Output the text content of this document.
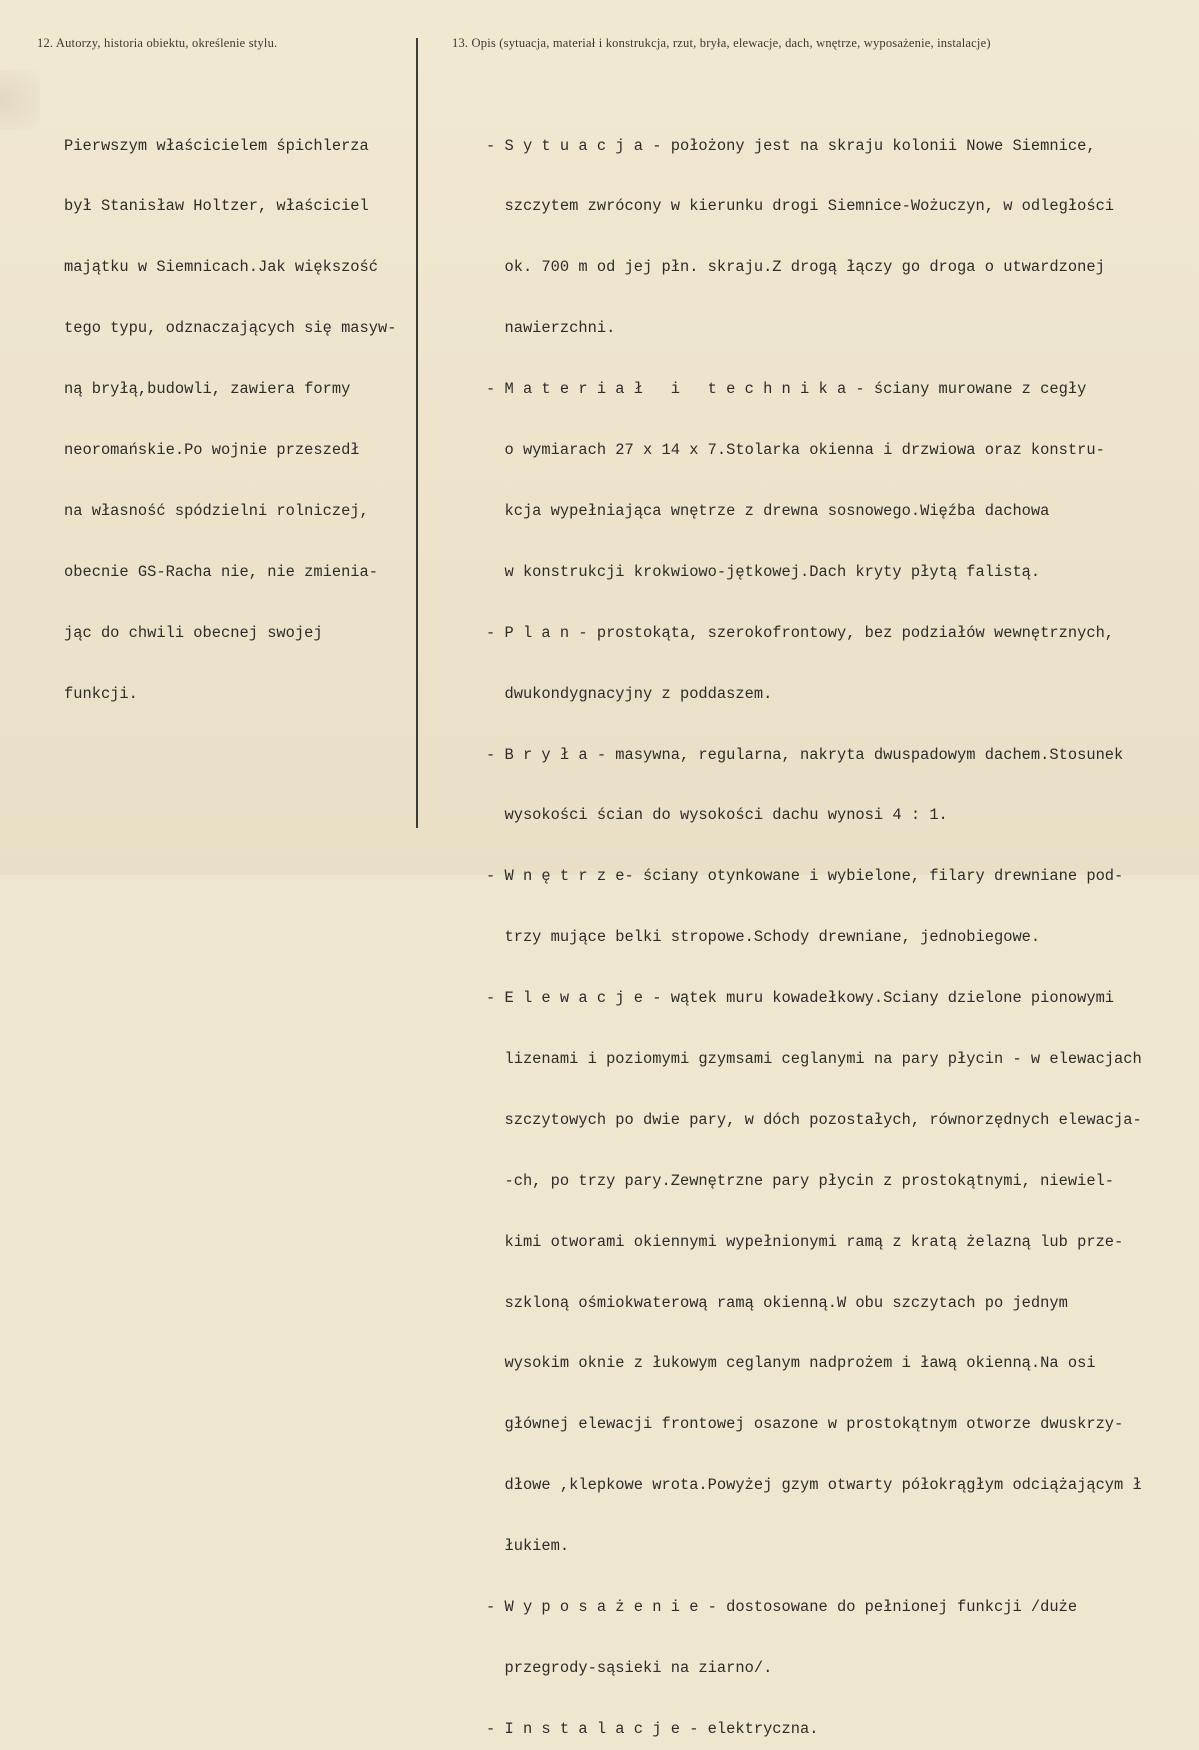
12. Autorzy, historia obiektu, określenie stylu.	13. Opis (sytuacja, materiał i konstrukcja, rzut, bryła, elewacje, dach, wnętrze, wyposażenie, instalacje)

Pierwszym właścicielem śpichlerza

był Stanisław Holtzer, właściciel

majątku w Siemnicach.Jak większość

tego typu, odznaczających się masyw-

ną bryłą,budowli, zawiera formy

neoromańskie.Po wojnie przeszedł

na własność spódzielni rolniczej,

obecnie GS-Racha nie, nie zmienia-

jąc do chwili obecnej swojej

funkcji.

- S y t u a c j a - położony jest na skraju kolonii Nowe Siemnice,

szczytem zwrócony w kierunku drogi Siemnice-Wożuczyn, w odległości

ok. 700 m od jej płn. skraju.Z drogą łączy go droga o utwardzonej

nawierzchni.

- M a t e r i a ł   i   t e c h n i k a - ściany murowane z cegły

o wymiarach 27 x 14 x 7.Stolarka okienna i drzwiowa oraz konstru-

kcja wypełniająca wnętrze z drewna sosnowego.Więźba dachowa

w konstrukcji krokwiowo-jętkowej.Dach kryty płytą falistą.

- P l a n - prostokąta, szerokofrontowy, bez podziałów wewnętrznych,

dwukondygnacyjny z poddaszem.

- B r y ł a - masywna, regularna, nakryta dwuspadowym dachem.Stosunek

wysokości ścian do wysokości dachu wynosi 4 : 1.

- W n ę t r z e- ściany otynkowane i wybielone, filary drewniane pod-

trzy mujące belki stropowe.Schody drewniane, jednobiegowe.

- E l e w a c j e - wątek muru kowadełkowy.Sciany dzielone pionowymi

lizenami i poziomymi gzymsami ceglanymi na pary płycin - w elewacjach

szczytowych po dwie pary, w dóch pozostałych, równorzędnych elewacja-

-ch, po trzy pary.Zewnętrzne pary płycin z prostokątnymi, niewiel-

kimi otworami okiennymi wypełnionymi ramą z kratą żelazną lub prze-

szkloną ośmiokwaterową ramą okienną.W obu szczytach po jednym

wysokim oknie z łukowym ceglanym nadprożem i ławą okienną.Na osi

głównej elewacji frontowej osazone w prostokątnym otworze dwuskrzy-

dłowe ,klepkowe wrota.Powyżej gzym otwarty półokrągłym odciążającym ł

łukiem.

- W y p o s a ż e n i e - dostosowane do pełnionej funkcji /duże

przegrody-sąsieki na ziarno/.

- I n s t a l a c j e - elektryczna.
